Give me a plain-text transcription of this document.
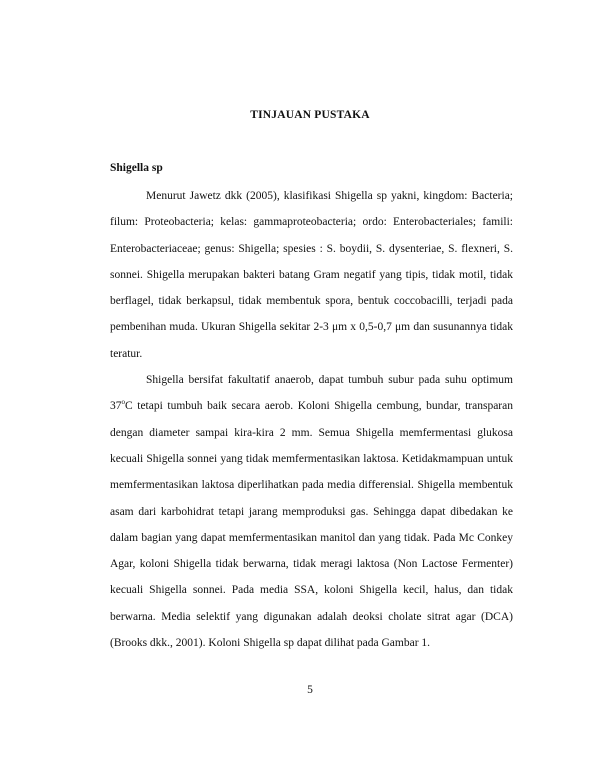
TINJAUAN PUSTAKA
Shigella sp

Menurut Jawetz dkk (2005), klasifikasi Shigella sp yakni, kingdom: Bacteria; filum: Proteobacteria; kelas: gammaproteobacteria; ordo: Enterobacteriales; famili: Enterobacteriaceae; genus: Shigella; spesies : S. boydii, S. dysenteriae, S. flexneri, S. sonnei. Shigella merupakan bakteri batang Gram negatif yang tipis, tidak motil, tidak berflagel, tidak berkapsul, tidak membentuk spora, bentuk coccobacilli, terjadi pada pembenihan muda. Ukuran Shigella sekitar 2-3 μm x 0,5-0,7 μm dan susunannya tidak teratur.

Shigella bersifat fakultatif anaerob, dapat tumbuh subur pada suhu optimum 37$^o$C tetapi tumbuh baik secara aerob. Koloni Shigella cembung, bundar, transparan dengan diameter sampai kira-kira 2 mm. Semua Shigella memfermentasi glukosa kecuali Shigella sonnei yang tidak memfermentasikan laktosa. Ketidakmampuan untuk memfermentasikan laktosa diperlihatkan pada media differensial. Shigella membentuk asam dari karbohidrat tetapi jarang memproduksi gas. Sehingga dapat dibedakan ke dalam bagian yang dapat memfermentasikan manitol dan yang tidak. Pada Mc Conkey Agar, koloni Shigella tidak berwarna, tidak meragi laktosa (Non Lactose Fermenter) kecuali Shigella sonnei. Pada media SSA, koloni Shigella kecil, halus, dan tidak berwarna. Media selektif yang digunakan adalah deoksi cholate sitrat agar (DCA) (Brooks dkk., 2001). Koloni Shigella sp dapat dilihat pada Gambar 1.

5
